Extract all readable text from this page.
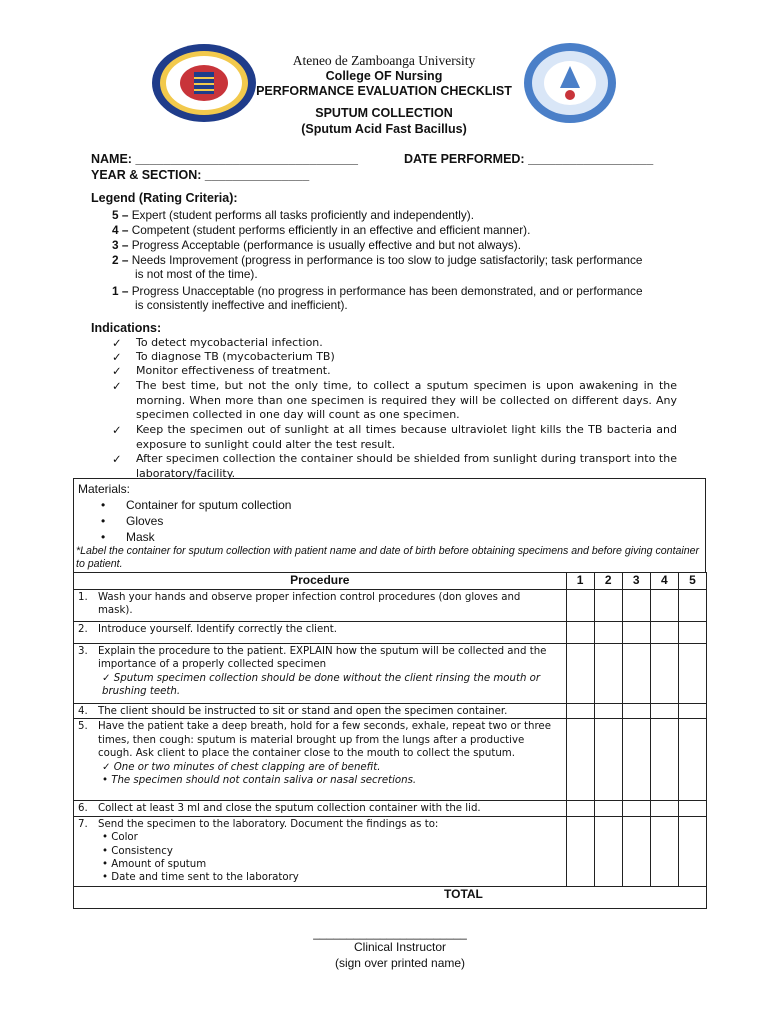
Ateneo de Zamboanga University
College OF Nursing
PERFORMANCE EVALUATION CHECKLIST
SPUTUM COLLECTION
(Sputum Acid Fast Bacillus)
NAME: ________________________________	DATE PERFORMED: __________________
YEAR & SECTION: _______________
Legend (Rating Criteria):
5 – Expert (student performs all tasks proficiently and independently).
4 – Competent (student performs efficiently in an effective and efficient manner).
3 – Progress Acceptable (performance is usually effective and but not always).
2 – Needs Improvement (progress in performance is too slow to judge satisfactorily; task performance
is not most of the time).
1 – Progress Unacceptable (no progress in performance has been demonstrated, and or performance
is consistently ineffective and inefficient).
Indications:
✓ To detect mycobacterial infection.
✓ To diagnose TB (mycobacterium TB)
✓ Monitor effectiveness of treatment.
✓ The best time, but not the only time, to collect a sputum specimen is upon awakening in the morning. When more than one specimen is required they will be collected on different days. Any specimen collected in one day will count as one specimen.
✓ Keep the specimen out of sunlight at all times because ultraviolet light kills the TB bacteria and exposure to sunlight could alter the test result.
✓ After specimen collection the container should be shielded from sunlight during transport into the laboratory/facility.
Materials:
• Container for sputum collection
• Gloves
• Mask
*Label the container for sputum collection with patient name and date of birth before obtaining specimens and before giving container to patient.
Procedure	1	2	3	4	5
1. Wash your hands and observe proper infection control procedures (don gloves and mask).					
2. Introduce yourself. Identify correctly the client.					
3. Explain the procedure to the patient. EXPLAIN how the sputum will be collected and the importance of a properly collected specimen
✓ Sputum specimen collection should be done without the client rinsing the mouth or brushing teeth.					

4. The client should be instructed to sit or stand and open the specimen container.					
5. Have the patient take a deep breath, hold for a few seconds, exhale, repeat two or three times, then cough: sputum is material brought up from the lungs after a productive cough. Ask client to place the container close to the mouth to collect the sputum.
✓ One or two minutes of chest clapping are of benefit.
• The specimen should not contain saliva or nasal secretions.					

6. Collect at least 3 ml and close the sputum collection container with the lid.					
7. Send the specimen to the laboratory. Document the findings as to:
• Color
• Consistency
• Amount of sputum
• Date and time sent to the laboratory					

TOTAL					

_______________________
Clinical Instructor
(sign over printed name)
